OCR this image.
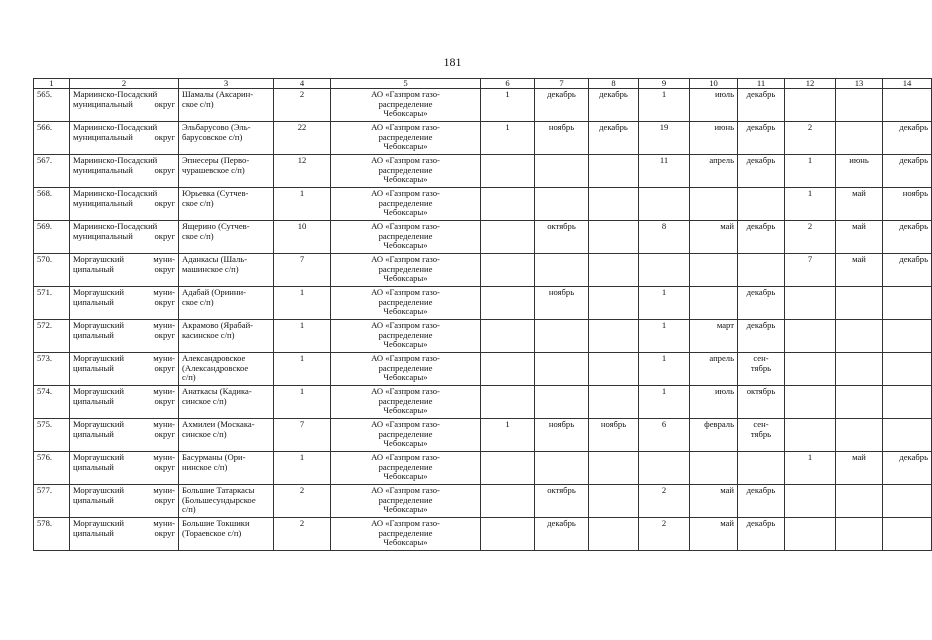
181
1	2	3	4	5	6	7	8	9	10	11	12	13	14
565.	Мариинско-Посадский
муниципальный округ	Шамалы (Аксарин-
ское с/п)	2	АО «Газпром газо-
распределение
Чебоксары»	1	декабрь	декабрь	1	июль	декабрь			
566.	Мариинско-Посадский
муниципальный округ	Эльбарусово (Эль-
барусовское с/п)	22	АО «Газпром газо-
распределение
Чебоксары»	1	ноябрь	декабрь	19	июнь	декабрь	2		декабрь
567.	Мариинско-Посадский
муниципальный округ	Эпнесеры (Перво-
чурашевское с/п)	12	АО «Газпром газо-
распределение
Чебоксары»				11	апрель	декабрь	1	июнь	декабрь
568.	Мариинско-Посадский
муниципальный округ	Юрьевка (Сутчев-
ское с/п)	1	АО «Газпром газо-
распределение
Чебоксары»							1	май	ноябрь
569.	Мариинско-Посадский
муниципальный округ	Ящерино (Сутчев-
ское с/п)	10	АО «Газпром газо-
распределение
Чебоксары»		октябрь		8	май	декабрь	2	май	декабрь
570.	Моргаушский муни-
ципальный округ	Аданкасы (Шаль-
машинское с/п)	7	АО «Газпром газо-
распределение
Чебоксары»							7	май	декабрь
571.	Моргаушский муни-
ципальный округ	Адабай (Оринни-
ское с/п)	1	АО «Газпром газо-
распределение
Чебоксары»		ноябрь		1		декабрь			
572.	Моргаушский муни-
ципальный округ	Акрамово (Ярабай-
касинское с/п)	1	АО «Газпром газо-
распределение
Чебоксары»				1	март	декабрь			
573.	Моргаушский муни-
ципальный округ	Александровское
(Александровское
с/п)	1	АО «Газпром газо-
распределение
Чебоксары»				1	апрель	сен-
тябрь			

574.	Моргаушский муни-
ципальный округ	Анаткасы (Кадика-
синское с/п)	1	АО «Газпром газо-
распределение
Чебоксары»				1	июль	октябрь			
575.	Моргаушский муни-
ципальный округ	Ахмилеи (Москака-
синское с/п)	7	АО «Газпром газо-
распределение
Чебоксары»	1	ноябрь	ноябрь	6	февраль	сен-
тябрь			

576.	Моргаушский муни-
ципальный округ	Басурманы (Ори-
нинское с/п)	1	АО «Газпром газо-
распределение
Чебоксары»							1	май	декабрь
577.	Моргаушский муни-
ципальный округ	Большие Татаркасы
(Большесундырское
с/п)	2	АО «Газпром газо-
распределение
Чебоксары»		октябрь		2	май	декабрь			
578.	Моргаушский муни-
ципальный округ	Большие Токшики
(Тораевское с/п)	2	АО «Газпром газо-
распределение
Чебоксары»		декабрь		2	май	декабрь			
